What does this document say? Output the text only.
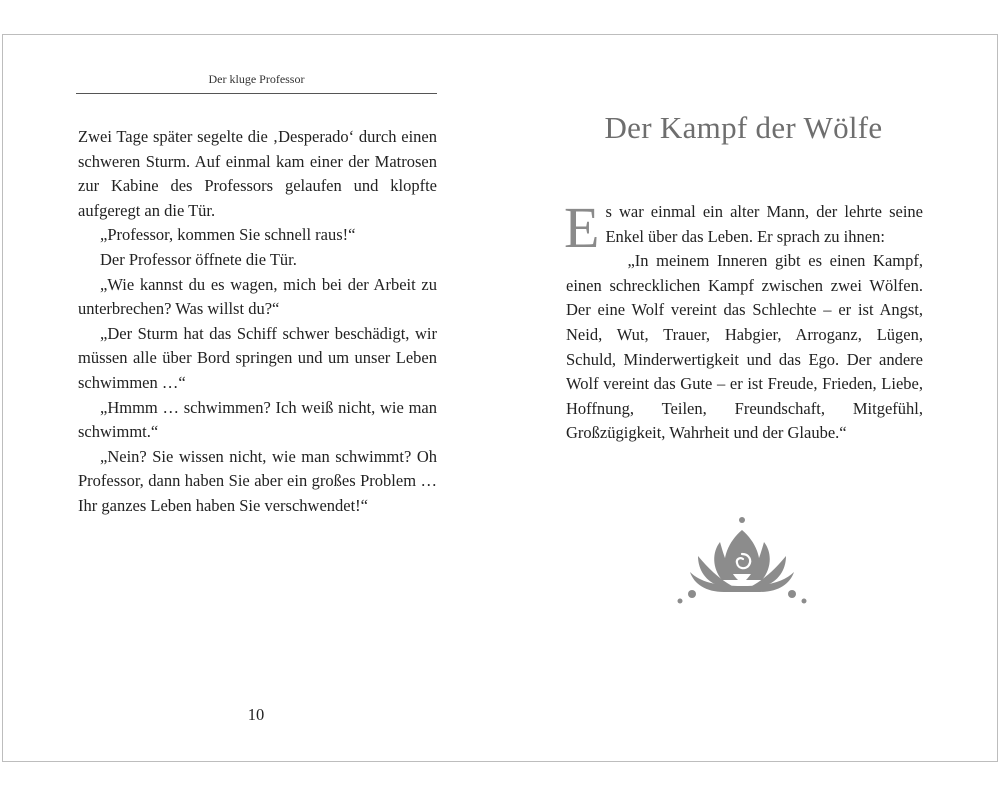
Der kluge Professor

Zwei Tage später segelte die ‚Desperado‘ durch einen schweren Sturm. Auf einmal kam einer der Matrosen zur Kabine des Professors gelaufen und klopfte aufgeregt an die Tür.

„Professor, kommen Sie schnell raus!“

Der Professor öffnete die Tür.

„Wie kannst du es wagen, mich bei der Arbeit zu unterbrechen? Was willst du?“

„Der Sturm hat das Schiff schwer beschädigt, wir müssen alle über Bord springen und um unser Leben schwimmen …“

„Hmmm … schwimmen? Ich weiß nicht, wie man schwimmt.“

„Nein? Sie wissen nicht, wie man schwimmt? Oh Professor, dann haben Sie aber ein großes Problem … Ihr ganzes Leben haben Sie verschwendet!“

10
Der Kampf der Wölfe

Es war einmal ein alter Mann, der lehrte seine Enkel über das Leben. Er sprach zu ihnen:

„In meinem Inneren gibt es einen Kampf, einen schrecklichen Kampf zwischen zwei Wölfen. Der eine Wolf vereint das Schlechte – er ist Angst, Neid, Wut, Trauer, Habgier, Arroganz, Lügen, Schuld, Minderwertigkeit und das Ego. Der andere Wolf vereint das Gute – er ist Freude, Frieden, Liebe, Hoffnung, Teilen, Freundschaft, Mitgefühl, Großzügigkeit, Wahrheit und der Glaube.“
